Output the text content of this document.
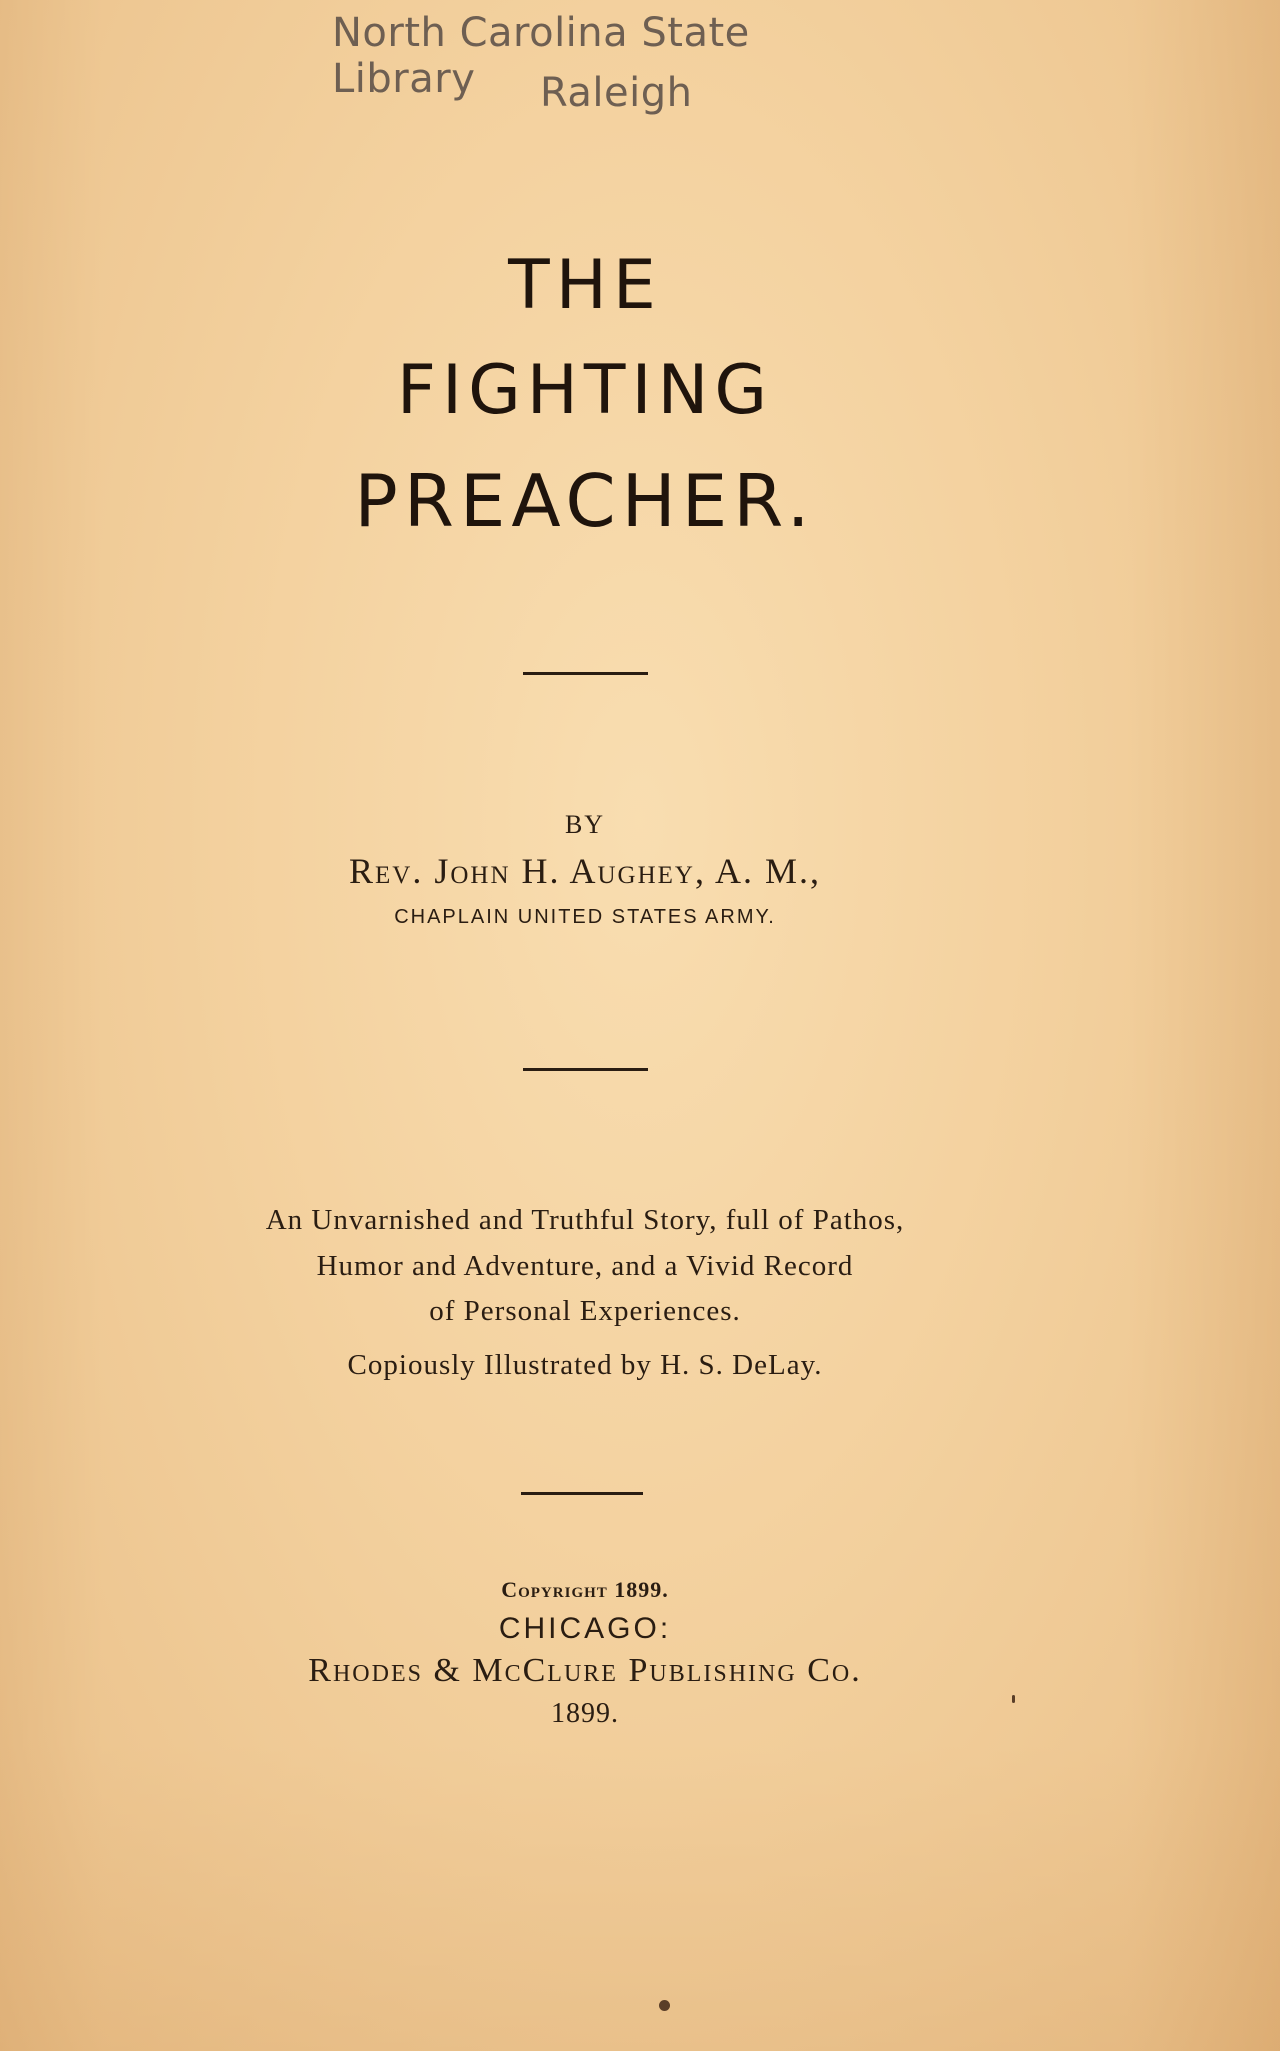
North Carolina State Library	Raleigh
THE
FIGHTING
PREACHER.
BY
Rev. John H. Aughey, A. M.,
CHAPLAIN UNITED STATES ARMY.
An Unvarnished and Truthful Story, full of Pathos,
Humor and Adventure, and a Vivid Record
of Personal Experiences.
Copiously Illustrated by H. S. DeLay.
Copyright 1899.
CHICAGO:
Rhodes & McClure Publishing Co.
1899.
